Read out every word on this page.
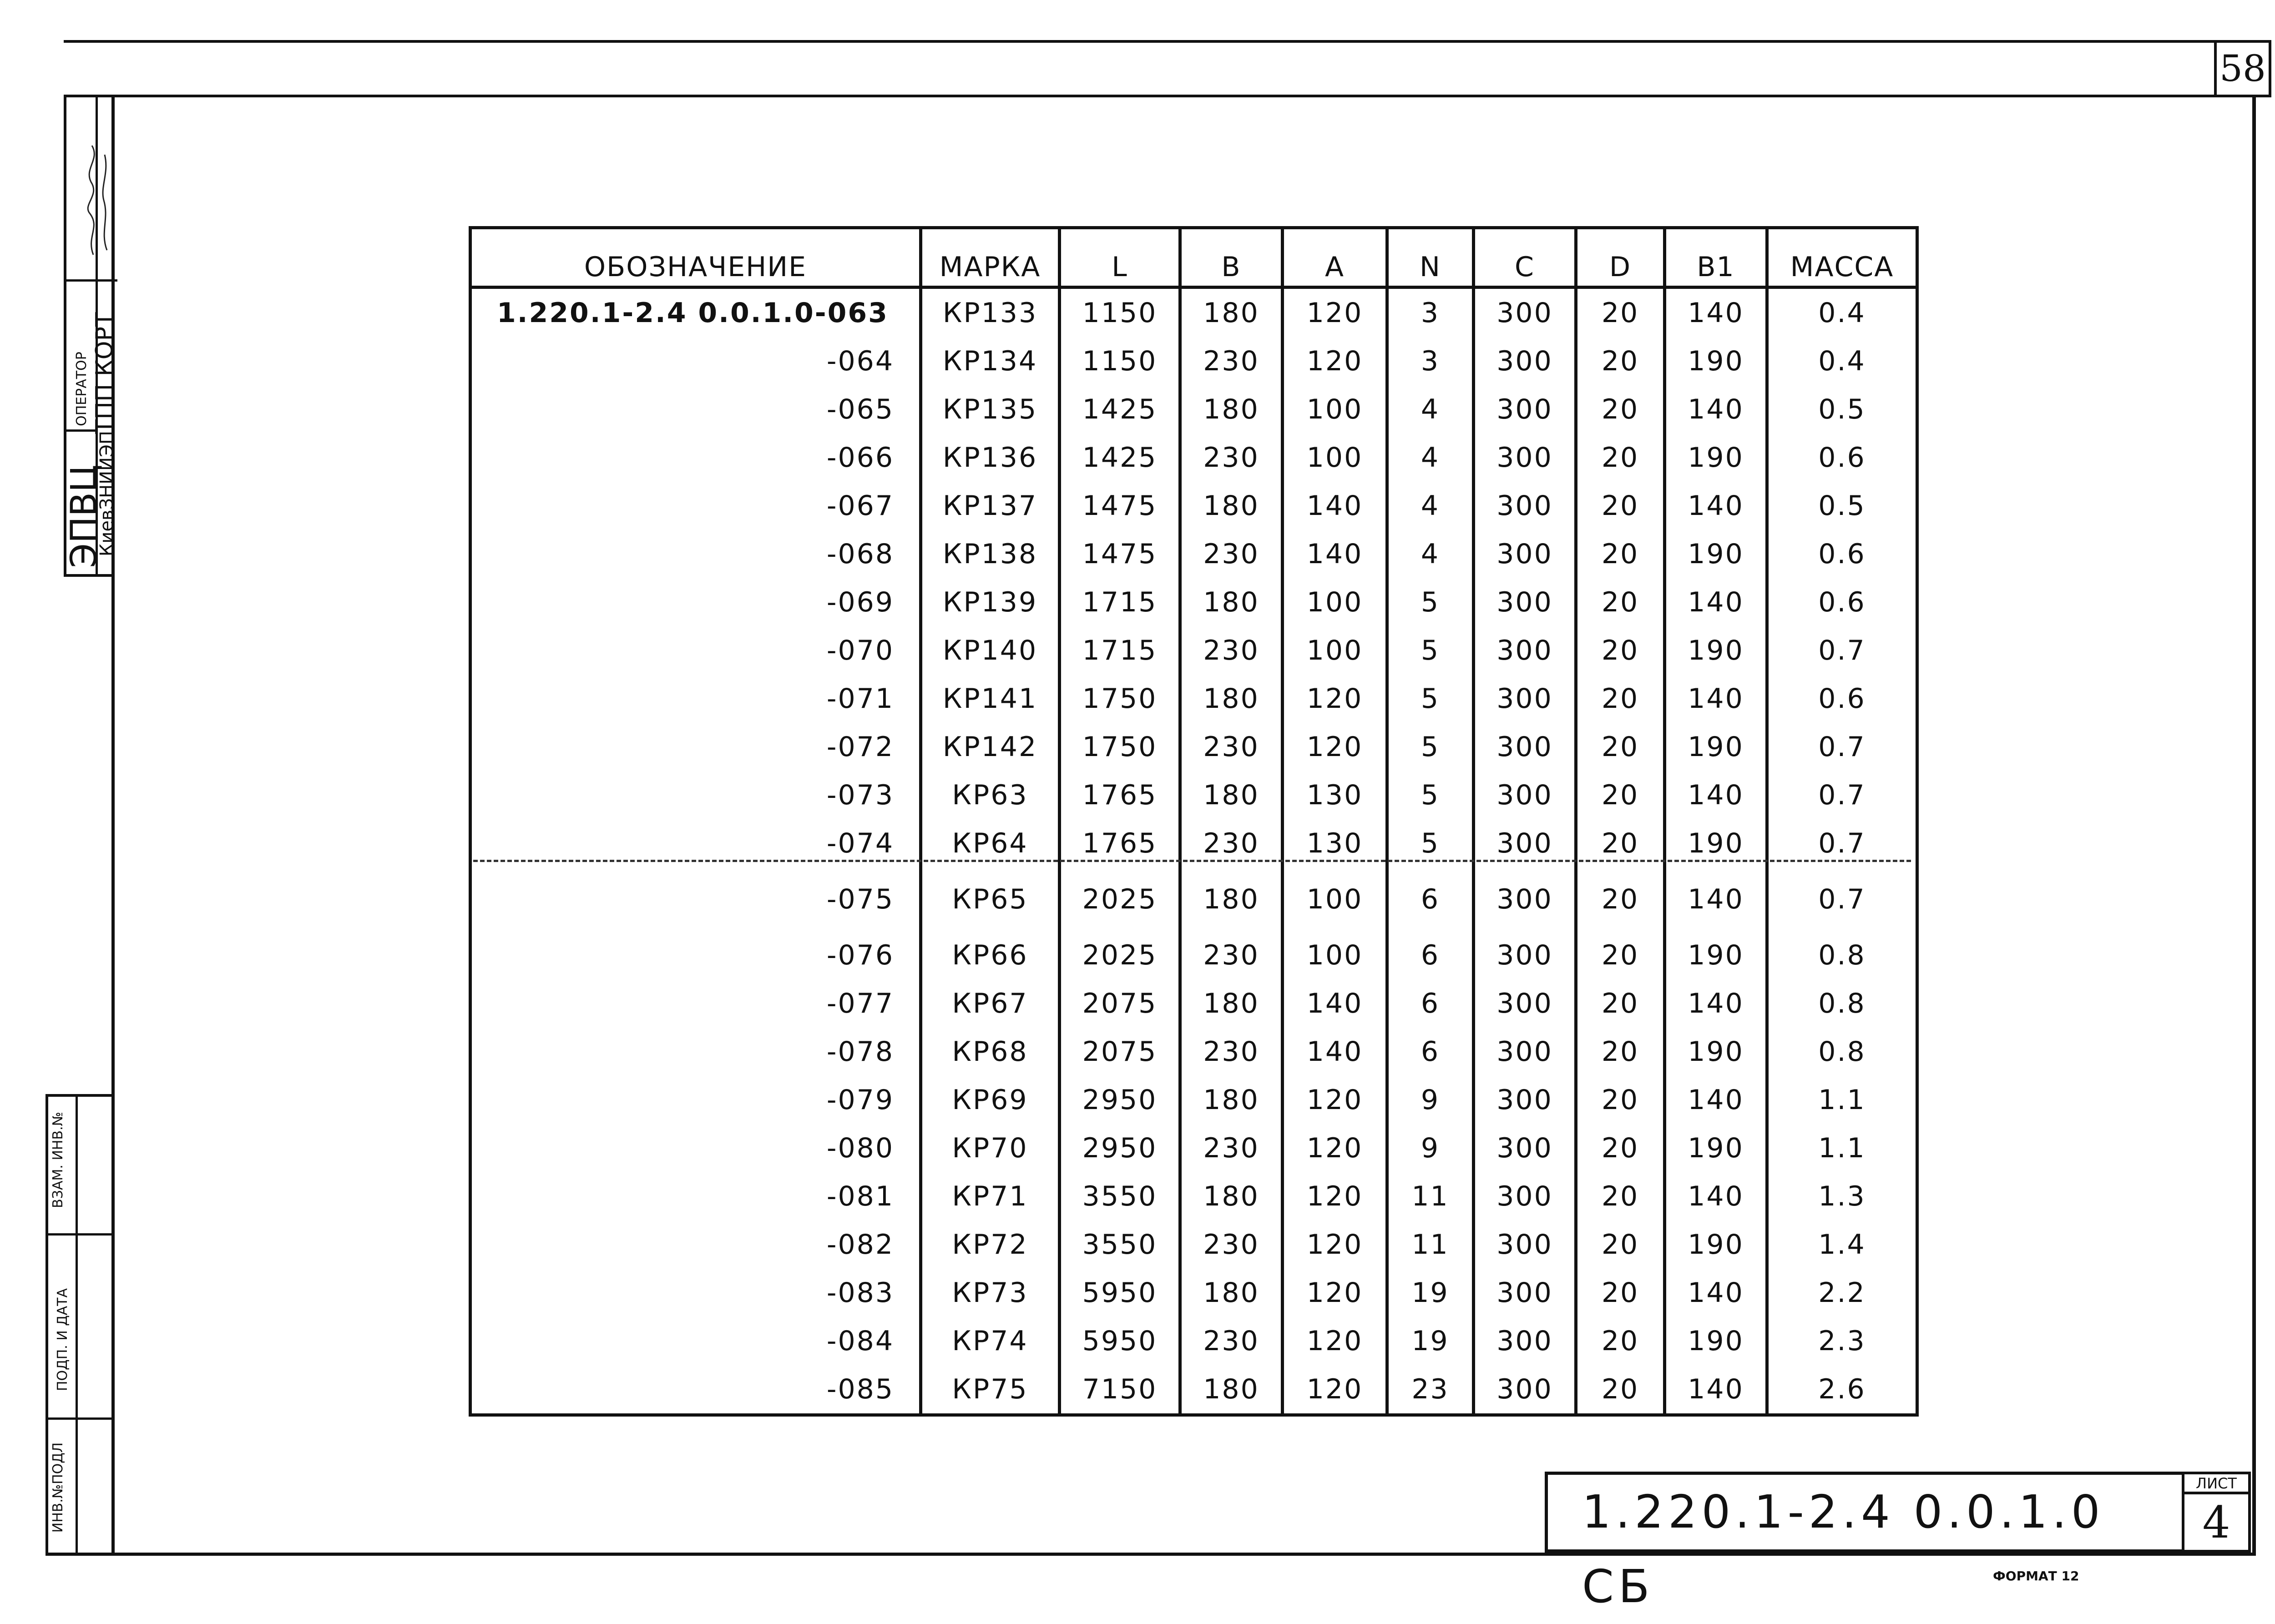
58
ОПЕРАТОР ТПП КОРТ
ЭПВЦ
КиевЗНИИЭП
ВЗАМ. ИНВ.№
ПОДП. И ДАТА
ИНВ.№ПОДЛ
ОБОЗНАЧЕНИЕ	МАРКА	L	B	A	N	C	D	B1	МАССА
1.220.1-2.4 0.0.1.0-063	КР133	1150	180	120	3	300	20	140	0.4
-064	КР134	1150	230	120	3	300	20	190	0.4
-065	КР135	1425	180	100	4	300	20	140	0.5
-066	КР136	1425	230	100	4	300	20	190	0.6
-067	КР137	1475	180	140	4	300	20	140	0.5
-068	КР138	1475	230	140	4	300	20	190	0.6
-069	КР139	1715	180	100	5	300	20	140	0.6
-070	КР140	1715	230	100	5	300	20	190	0.7
-071	КР141	1750	180	120	5	300	20	140	0.6
-072	КР142	1750	230	120	5	300	20	190	0.7
-073	КР63	1765	180	130	5	300	20	140	0.7
-074	КР64	1765	230	130	5	300	20	190	0.7
-075	КР65	2025	180	100	6	300	20	140	0.7
-076	КР66	2025	230	100	6	300	20	190	0.8
-077	КР67	2075	180	140	6	300	20	140	0.8
-078	КР68	2075	230	140	6	300	20	190	0.8
-079	КР69	2950	180	120	9	300	20	140	1.1
-080	КР70	2950	230	120	9	300	20	190	1.1
-081	КР71	3550	180	120	11	300	20	140	1.3
-082	КР72	3550	230	120	11	300	20	190	1.4
-083	КР73	5950	180	120	19	300	20	140	2.2
-084	КР74	5950	230	120	19	300	20	190	2.3
-085	КР75	7150	180	120	23	300	20	140	2.6
1.220.1-2.4 0.0.1.0 СБ
ЛИСТ
4
ФОРМАТ 12
